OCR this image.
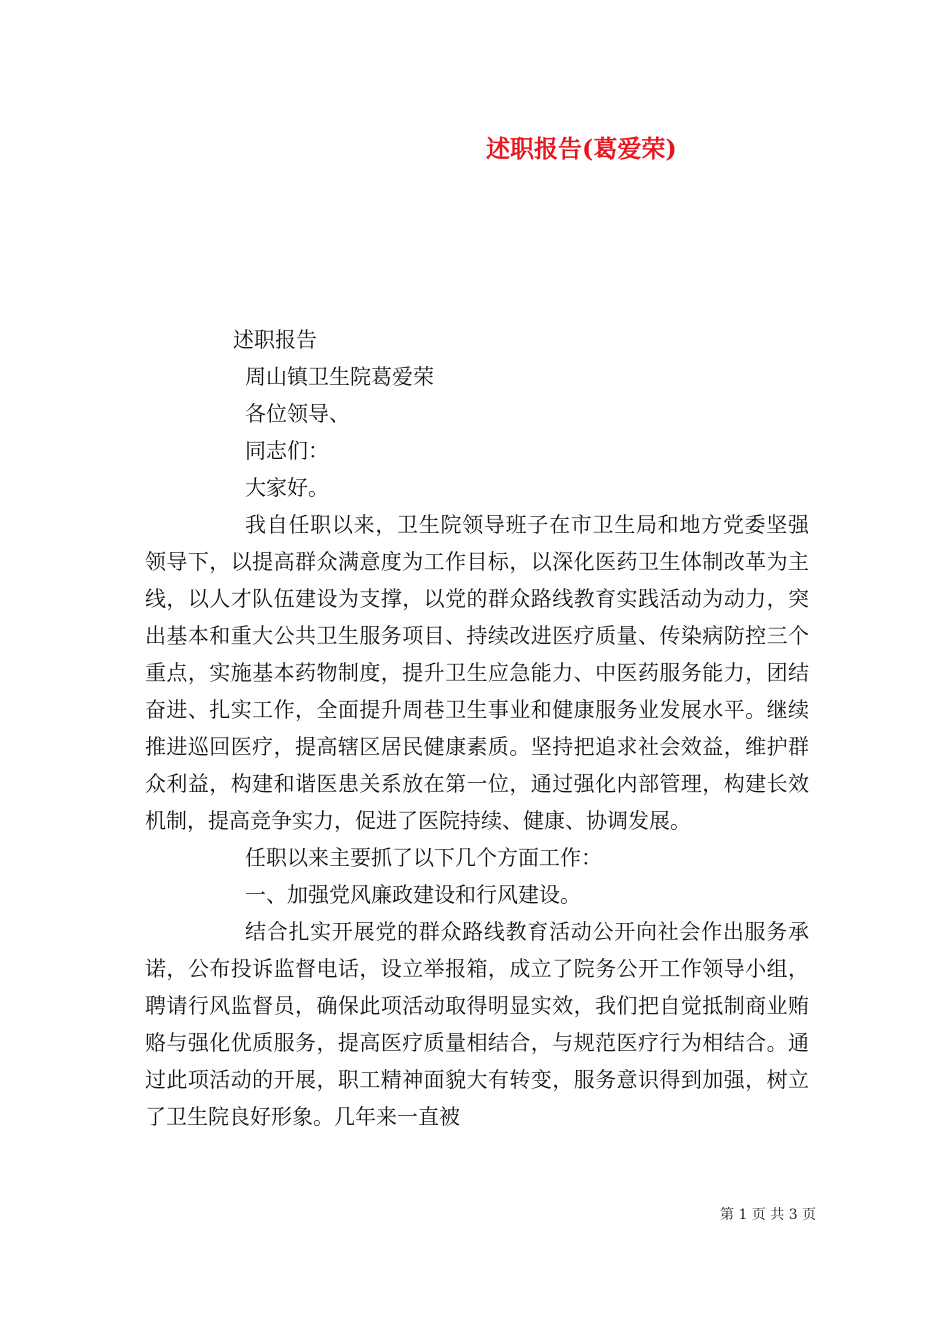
述职报告(葛爱荣)
述职报告
周山镇卫生院葛爱荣
各位领导、
同志们：
大家好。

我自任职以来，卫生院领导班子在市卫生局和地方党委坚强领导下，以提高群众满意度为工作目标，以深化医药卫生体制改革为主线，以人才队伍建设为支撑，以党的群众路线教育实践活动为动力，突出基本和重大公共卫生服务项目、持续改进医疗质量、传染病防控三个重点，实施基本药物制度，提升卫生应急能力、中医药服务能力，团结奋进、扎实工作，全面提升周巷卫生事业和健康服务业发展水平。继续推进巡回医疗，提高辖区居民健康素质。坚持把追求社会效益，维护群众利益，构建和谐医患关系放在第一位，通过强化内部管理，构建长效机制，提高竞争实力，促进了医院持续、健康、协调发展。

任职以来主要抓了以下几个方面工作：
一、加强党风廉政建设和行风建设。

结合扎实开展党的群众路线教育活动公开向社会作出服务承诺，公布投诉监督电话，设立举报箱，成立了院务公开工作领导小组，聘请行风监督员，确保此项活动取得明显实效，我们把自觉抵制商业贿赂与强化优质服务，提高医疗质量相结合，与规范医疗行为相结合。通过此项活动的开展，职工精神面貌大有转变，服务意识得到加强，树立了卫生院良好形象。几年来一直被

第 1 页 共 3 页
